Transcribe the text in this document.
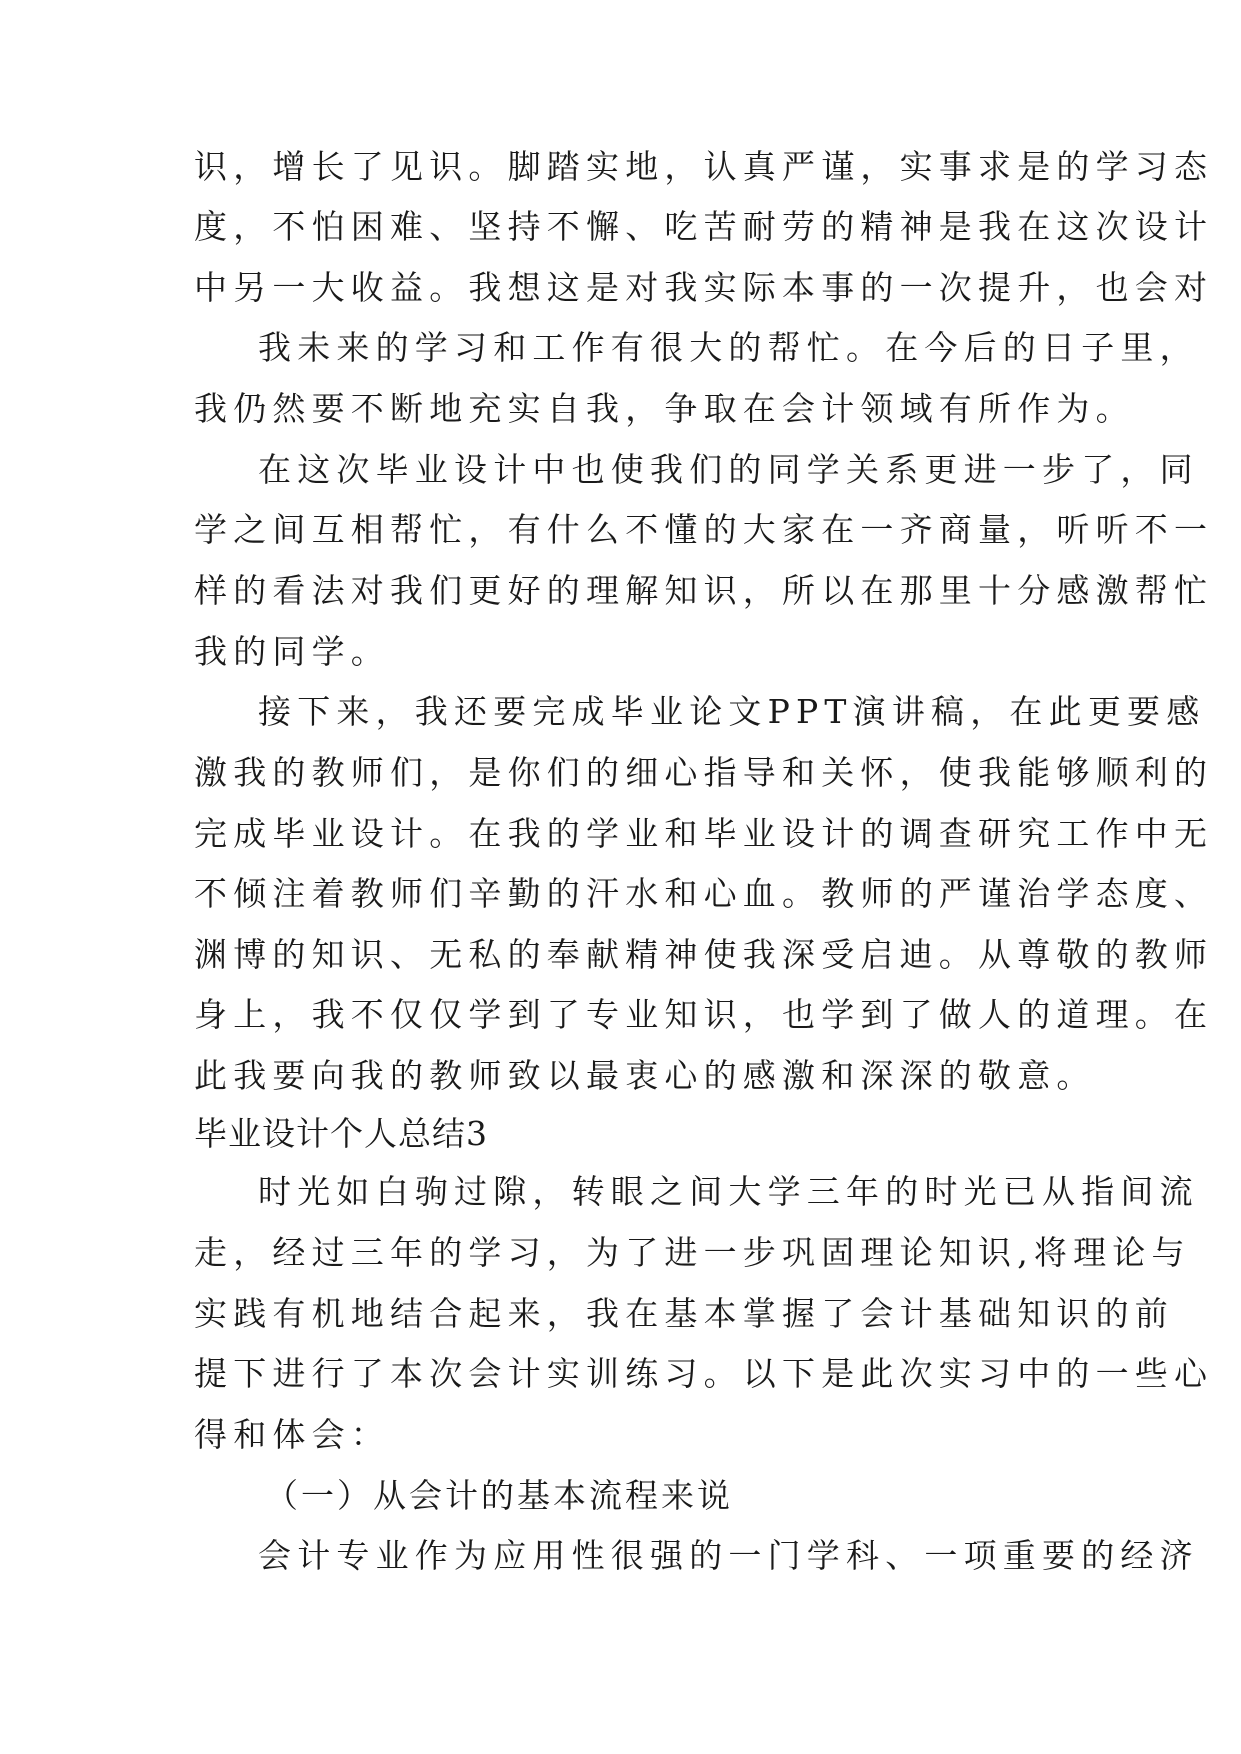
识，增长了见识。脚踏实地，认真严谨，实事求是的学习态
度，不怕困难、坚持不懈、吃苦耐劳的精神是我在这次设计
中另一大收益。我想这是对我实际本事的一次提升，也会对
我未来的学习和工作有很大的帮忙。在今后的日子里，
我仍然要不断地充实自我，争取在会计领域有所作为。
在这次毕业设计中也使我们的同学关系更进一步了，同
学之间互相帮忙，有什么不懂的大家在一齐商量，听听不一
样的看法对我们更好的理解知识，所以在那里十分感激帮忙
我的同学。
接下来，我还要完成毕业论文PPT演讲稿，在此更要感
激我的教师们，是你们的细心指导和关怀，使我能够顺利的
完成毕业设计。在我的学业和毕业设计的调查研究工作中无
不倾注着教师们辛勤的汗水和心血。教师的严谨治学态度、
渊博的知识、无私的奉献精神使我深受启迪。从尊敬的教师
身上，我不仅仅学到了专业知识，也学到了做人的道理。在
此我要向我的教师致以最衷心的感激和深深的敬意。
毕业设计个人总结3
时光如白驹过隙，转眼之间大学三年的时光已从指间流
走，经过三年的学习，为了进一步巩固理论知识,将理论与
实践有机地结合起来，我在基本掌握了会计基础知识的前
提下进行了本次会计实训练习。以下是此次实习中的一些心
得和体会：
（一）从会计的基本流程来说
会计专业作为应用性很强的一门学科、一项重要的经济
